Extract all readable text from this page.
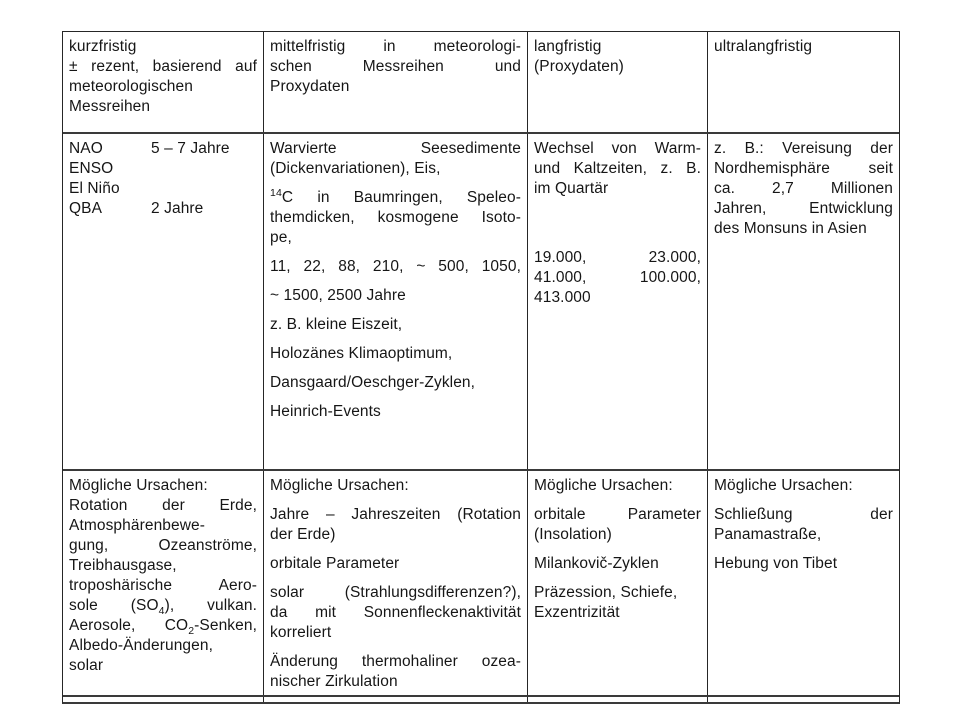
kurzfristig
± rezent, basierend auf
meteorologischen
Messreihen
mittelfristig in meteorologi-
schen Messreihen und
Proxydaten
langfristig
(Proxydaten)
ultralangfristig
NAO	5 – 7 Jahre
ENSO
El Niño
QBA	2 Jahre
Warvierte Seesedimente
(Dickenvariationen), Eis,
$^{14}$C in Baumringen, Speleo-
themdicken, kosmogene Isoto-
pe,
11, 22, 88, 210, ~ 500, 1050,
~ 1500, 2500 Jahre
z. B. kleine Eiszeit,
Holozänes Klimaoptimum,
Dansgaard/Oeschger-Zyklen,
Heinrich-Events
Wechsel von Warm-
und Kaltzeiten, z. B.
im Quartär
19.000, 23.000,
41.000, 100.000,
413.000
z. B.: Vereisung der
Nordhemisphäre seit
ca. 2,7 Millionen
Jahren, Entwicklung
des Monsuns in Asien
Mögliche Ursachen:
Rotation der Erde,
Atmosphärenbewe-
gung, Ozeanströme,
Treibhausgase,
troposhärische Aero-
sole $(SO_4)$, vulkan.
Aerosole, $CO_2$-Senken,
Albedo-Änderungen,
solar
Mögliche Ursachen:
Jahre – Jahreszeiten (Rotation
der Erde)
orbitale Parameter
solar (Strahlungsdifferenzen?),
da mit Sonnenfleckenaktivität
korreliert
Änderung thermohaliner ozea-
nischer Zirkulation
Mögliche Ursachen:
orbitale Parameter
(Insolation)
Milankovič-Zyklen
Präzession, Schiefe,
Exzentrizität
Mögliche Ursachen:
Schließung der
Panamastraße,
Hebung von Tibet
